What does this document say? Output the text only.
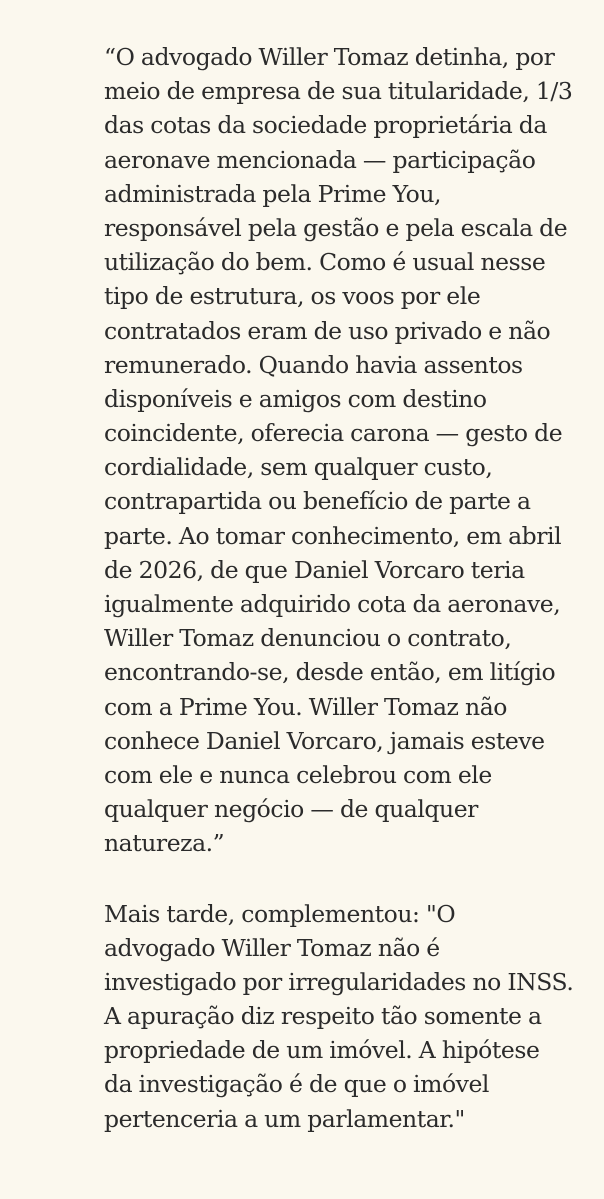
“O advogado Willer Tomaz detinha, por
meio de empresa de sua titularidade, 1/3
das cotas da sociedade proprietária da
aeronave mencionada — participação
administrada pela Prime You,
responsável pela gestão e pela escala de
utilização do bem. Como é usual nesse
tipo de estrutura, os voos por ele
contratados eram de uso privado e não
remunerado. Quando havia assentos
disponíveis e amigos com destino
coincidente, oferecia carona — gesto de
cordialidade, sem qualquer custo,
contrapartida ou benefício de parte a
parte. Ao tomar conhecimento, em abril
de 2026, de que Daniel Vorcaro teria
igualmente adquirido cota da aeronave,
Willer Tomaz denunciou o contrato,
encontrando-se, desde então, em litígio
com a Prime You. Willer Tomaz não
conhece Daniel Vorcaro, jamais esteve
com ele e nunca celebrou com ele
qualquer negócio — de qualquer
natureza.”
Mais tarde, complementou: "O
advogado Willer Tomaz não é
investigado por irregularidades no INSS.
A apuração diz respeito tão somente a
propriedade de um imóvel. A hipótese
da investigação é de que o imóvel
pertenceria a um parlamentar."
